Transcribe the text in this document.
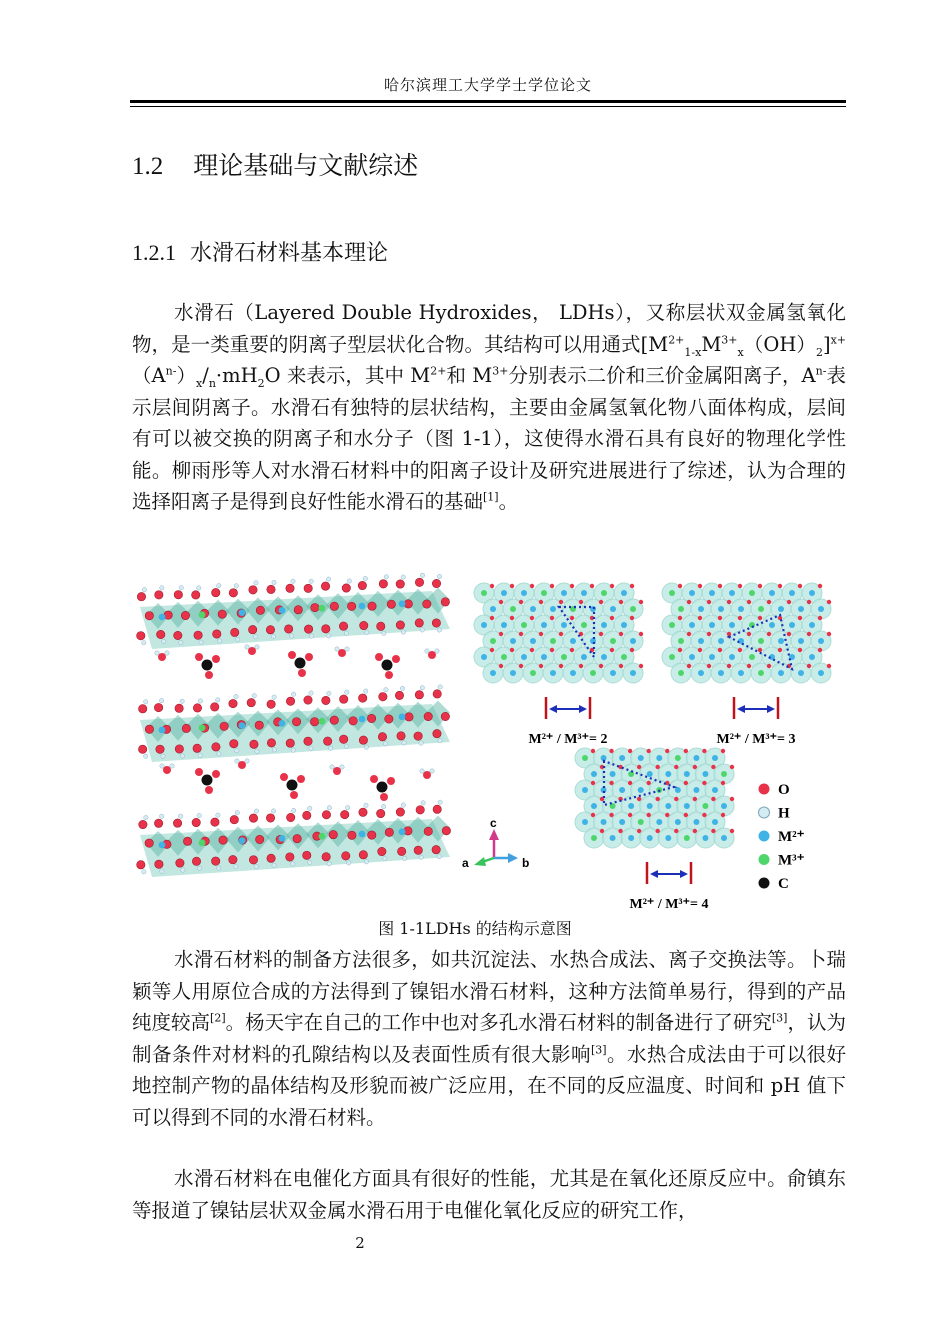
哈尔滨理工大学学士学位论文
1.2 理论基础与文献综述
1.2.1 水滑石材料基本理论

水滑石（Layered Double Hydroxides， LDHs），又称层状双金属氢氧化物，是一类重要的阴离子型层状化合物。其结构可以用通式$[M^{2+}_{1-x}M^{3+}_x(OH)_2]^{x+}(A^{n-})_x/_n\cdot mH_2O$ 来表示，其中 $M^{2+}$和 $M^{3+}$分别表示二价和三价金属阳离子，$A^{n-}$表示层间阴离子。水滑石有独特的层状结构，主要由金属氢氧化物八面体构成，层间有可以被交换的阴离子和水分子（图 1-1），这使得水滑石具有良好的物理化学性能。柳雨彤等人对水滑石材料中的阳离子设计及研究进展进行了综述，认为合理的选择阳离子是得到良好性能水滑石的基础[1]。

c
a	b
M²⁺ / M³⁺= 2	M²⁺ / M³⁺= 3
M²⁺ / M³⁺= 4
O
H
M²⁺
M³⁺
C
图 1-1LDHs 的结构示意图

水滑石材料的制备方法很多，如共沉淀法、水热合成法、离子交换法等。卜瑞颖等人用原位合成的方法得到了镍铝水滑石材料，这种方法简单易行，得到的产品纯度较高[2]。杨天宇在自己的工作中也对多孔水滑石材料的制备进行了研究[3]，认为制备条件对材料的孔隙结构以及表面性质有很大影响[3]。水热合成法由于可以很好地控制产物的晶体结构及形貌而被广泛应用，在不同的反应温度、时间和 pH 值下可以得到不同的水滑石材料。

水滑石材料在电催化方面具有很好的性能，尤其是在氧化还原反应中。俞镇东等报道了镍钴层状双金属水滑石用于电催化氧化反应的研究工作，

2
